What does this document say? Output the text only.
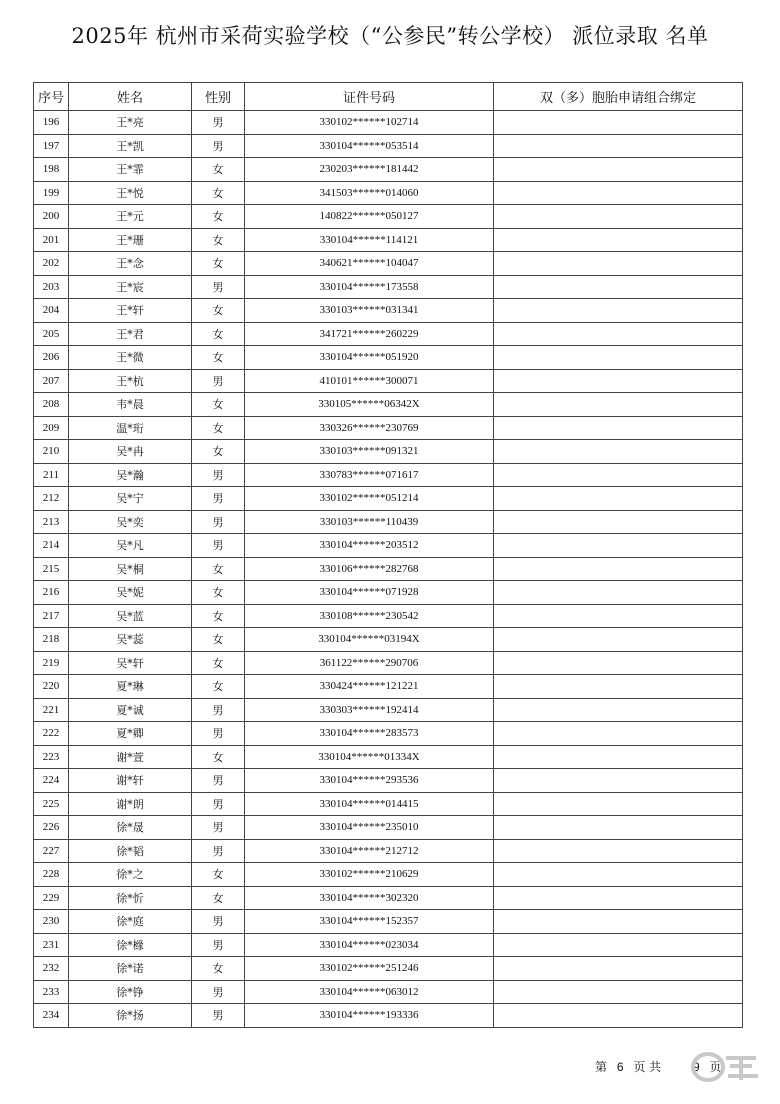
2025年 杭州市采荷实验学校（“公参民”转公学校） 派位录取 名单
序号	姓名	性别	证件号码	双（多）胞胎申请组合绑定
196	王*亮	男	330102******102714	
197	王*凯	男	330104******053514	
198	王*霏	女	230203******181442	
199	王*悦	女	341503******014060	
200	王*元	女	140822******050127	
201	王*珊	女	330104******114121	
202	王*念	女	340621******104047	
203	王*宸	男	330104******173558	
204	王*轩	女	330103******031341	
205	王*君	女	341721******260229	
206	王*微	女	330104******051920	
207	王*杭	男	410101******300071	
208	韦*晨	女	330105******06342X	
209	温*珩	女	330326******230769	
210	吴*冉	女	330103******091321	
211	吴*瀚	男	330783******071617	
212	吴*宁	男	330102******051214	
213	吴*奕	男	330103******110439	
214	吴*凡	男	330104******203512	
215	吴*桐	女	330106******282768	
216	吴*妮	女	330104******071928	
217	吴*蓝	女	330108******230542	
218	吴*蕊	女	330104******03194X	
219	吴*轩	女	361122******290706	
220	夏*琳	女	330424******121221	
221	夏*诚	男	330303******192414	
222	夏*卿	男	330104******283573	
223	谢*萱	女	330104******01334X	
224	谢*轩	男	330104******293536	
225	谢*朗	男	330104******014415	
226	徐*晟	男	330104******235010	
227	徐*韬	男	330104******212712	
228	徐*之	女	330102******210629	
229	徐*忻	女	330104******302320	
230	徐*庭	男	330104******152357	
231	徐*橼	男	330104******023034	
232	徐*诺	女	330102******251246	
233	徐*铮	男	330104******063012	
234	徐*扬	男	330104******193336	
第 6 页 共	9 页
